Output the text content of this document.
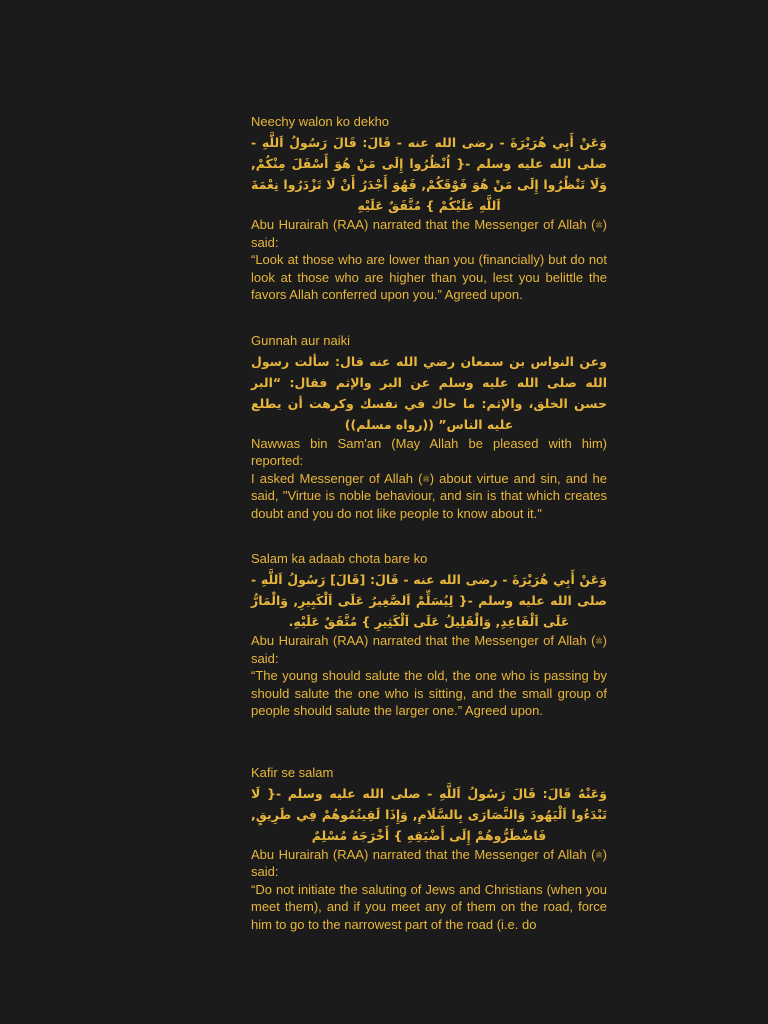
Neechy walon ko dekho

وَعَنْ أَبِي هُرَيْرَةَ - رضى الله عنه - قَالَ: قَالَ رَسُولُ اَللَّهِ - صلى الله عليه وسلم -{ اُنْظُرُوا إِلَى مَنْ هُوَ أَسْفَلَ مِنْكُمْ, وَلَا تَنْظُرُوا إِلَى مَنْ هُوَ فَوْقَكُمْ, فَهُوَ أَجْدَرُ أَنْ لَا تَزْدَرُوا نِعْمَةَ اَللَّهِ عَلَيْكُمْ } مُتَّفَقٌ عَلَيْهِ

Abu Hurairah (RAA) narrated that the Messenger of Allah (ﷺ) said:

“Look at those who are lower than you (financially) but do not look at those who are higher than you, lest you belittle the favors Allah conferred upon you.” Agreed upon.

Gunnah aur naiki

وعن النواس بن سمعان رضي الله عنه قال: سألت رسول الله صلى الله عليه وسلم عن البر والإثم فقال: “البر حسن الخلق، والإثم: ما حاك في نفسك وكرهت أن يطلع عليه الناس” ((رواه مسلم))

Nawwas bin Sam'an (May Allah be pleased with him) reported:

I asked Messenger of Allah (ﷺ) about virtue and sin, and he said, "Virtue is noble behaviour, and sin is that which creates doubt and you do not like people to know about it."

Salam ka adaab chota bare ko

وَعَنْ أَبِي هُرَيْرَةَ - رضى الله عنه - قَالَ: [قَالَ] رَسُولُ اَللَّهِ - صلى الله عليه وسلم -{ لِيُسَلِّمْ اَلصَّغِيرُ عَلَى اَلْكَبِيرِ, وَالْمَارُّ عَلَى اَلْقَاعِدِ, وَالْقَلِيلُ عَلَى اَلْكَثِيرِ } مُتَّفَقٌ عَلَيْهِ.

Abu Hurairah (RAA) narrated that the Messenger of Allah (ﷺ) said:

“The young should salute the old, the one who is passing by should salute the one who is sitting, and the small group of people should salute the larger one.” Agreed upon.

Kafir se salam

وَعَنْهُ قَالَ: قَالَ رَسُولُ اَللَّهِ - صلى الله عليه وسلم -{ لَا تَبْدَءُوا اَلْيَهُودَ وَالنَّصَارَى بِالسَّلَامِ, وَإِذَا لَقِيتُمُوهُمْ فِي طَرِيقٍ, فَاضْطَرُّوهُمْ إِلَى أَضْيَقِهِ } أَخْرَجَهُ مُسْلِمٌ

Abu Hurairah (RAA) narrated that the Messenger of Allah (ﷺ) said:

“Do not initiate the saluting of Jews and Christians (when you meet them), and if you meet any of them on the road, force him to go to the narrowest part of the road (i.e. do
